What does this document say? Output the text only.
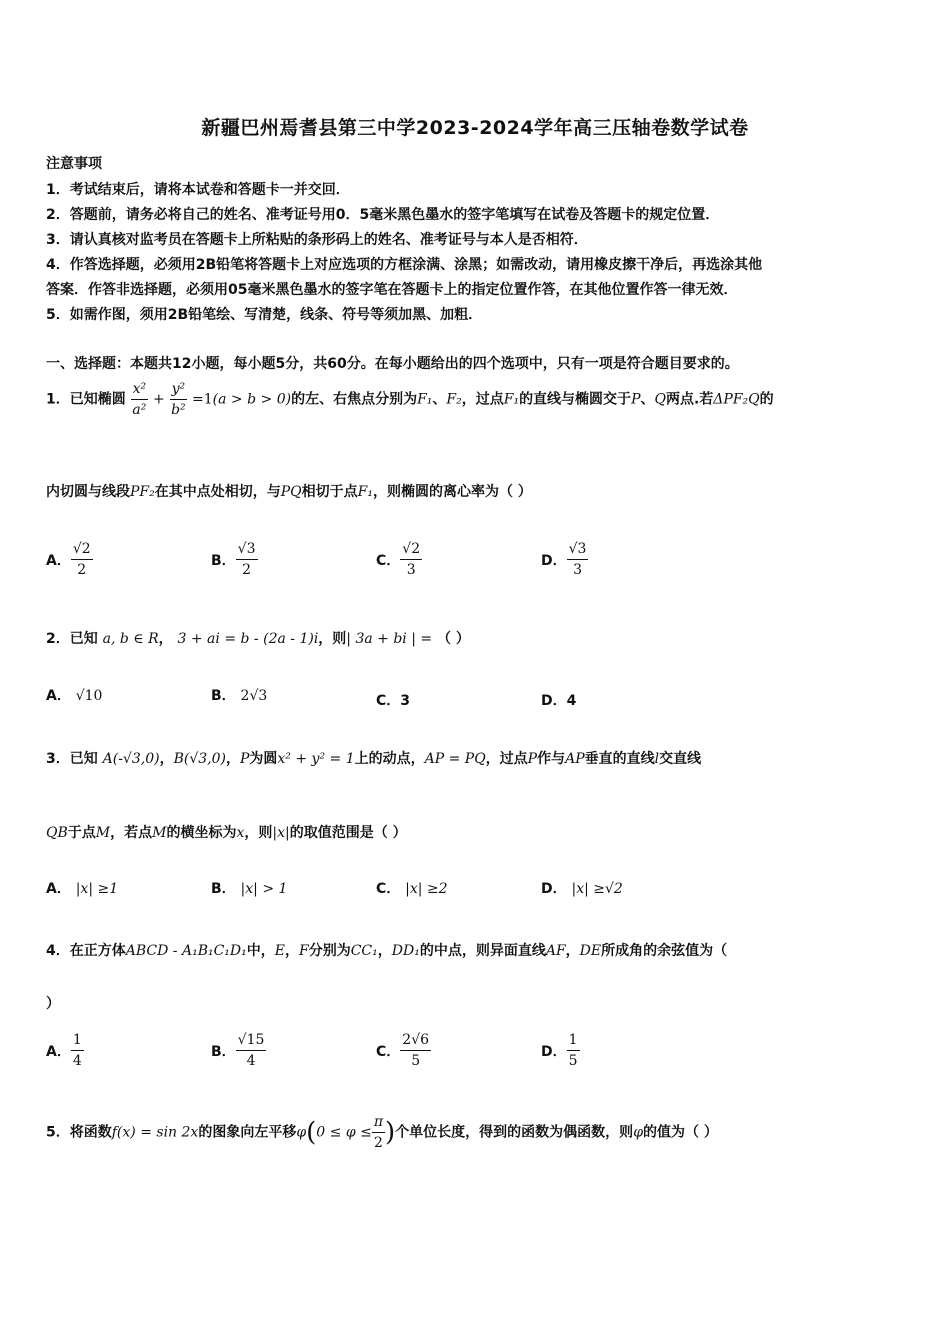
新疆巴州焉耆县第三中学2023-2024学年高三压轴卷数学试卷
注意事项
1．考试结束后，请将本试卷和答题卡一并交回．
2．答题前，请务必将自己的姓名、准考证号用0．5毫米黑色墨水的签字笔填写在试卷及答题卡的规定位置．
3．请认真核对监考员在答题卡上所粘贴的条形码上的姓名、准考证号与本人是否相符．
4．作答选择题，必须用2B铅笔将答题卡上对应选项的方框涂满、涂黑；如需改动，请用橡皮擦干净后，再选涂其他
答案．作答非选择题，必须用05毫米黑色墨水的签字笔在答题卡上的指定位置作答，在其他位置作答一律无效．
5．如需作图，须用2B铅笔绘、写清楚，线条、符号等须加黑、加粗．
一、选择题：本题共12小题，每小题5分，共60分。在每小题给出的四个选项中，只有一项是符合题目要求的。
1．已知椭圆 $\frac{\text{x²}}{\text{a²}} + \frac{\text{y²}}{\text{b²}} =1(a > b > 0)$的左、右焦点分别为F₁、F₂，过点F₁的直线与椭圆交于P、Q两点.若ΔPF₂Q的
内切圆与线段PF₂在其中点处相切，与PQ相切于点F₁，则椭圆的离心率为（ ）
A． $\frac{√2}{2}$	B． $\frac{√3}{2}$	C． $\frac{√2}{3}$	D． $\frac{√3}{3}$
2．已知 a, b ∈ R， 3 + ai = b - (2a - 1)i，则| 3a + bi | = （ ）
A． √10	B． 2√3	C．3	D．4
3．已知 A(-√3,0)，B(√3,0)，P为圆x² + y² = 1上的动点，AP = PQ，过点P作与AP垂直的直线l交直线
QB于点M，若点M的横坐标为x，则|x|的取值范围是（ ）
A． |x| ≥1	B． |x| > 1	C． |x| ≥2	D． |x| ≥√2
4．在正方体ABCD - A₁B₁C₁D₁中，E，F分别为CC₁，DD₁的中点，则异面直线AF，DE所成角的余弦值为（
）
A． $\frac{1}{4}$	B． $\frac{√15}{4}$	C． $\frac{2√6}{5}$	D． $\frac{1}{5}$
5．将函数f(x) = sin 2x的图象向左平移$\varphi(0 \le \varphi \le \frac{\pi}{2}$ )个单位长度，得到的函数为偶函数，则φ的值为（ ）
